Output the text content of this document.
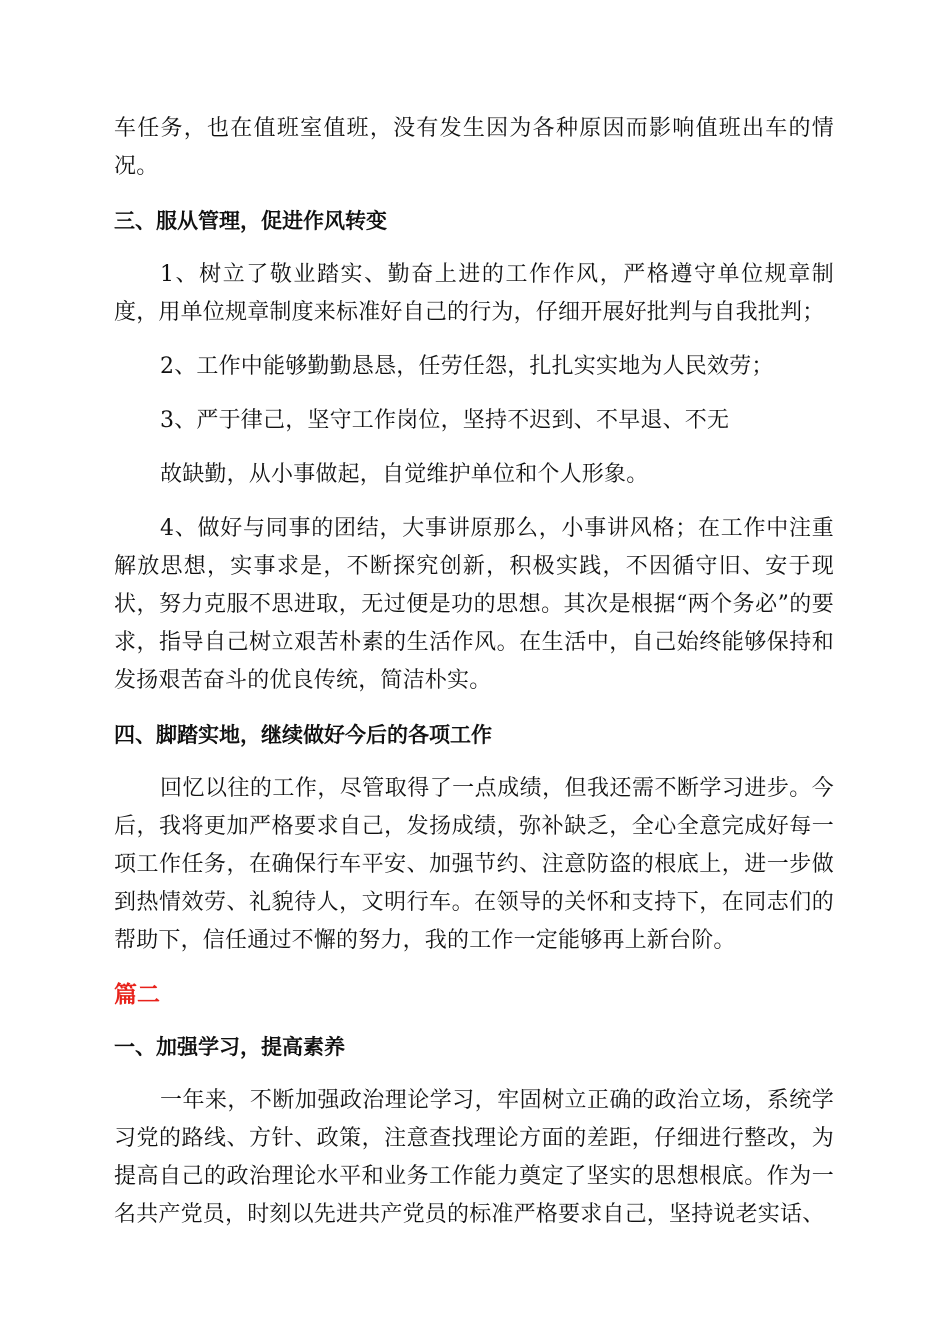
车任务，也在值班室值班，没有发生因为各种原因而影响值班出车的情况。

三、服从管理，促进作风转变

1、树立了敬业踏实、勤奋上进的工作作风，严格遵守单位规章制度，用单位规章制度来标准好自己的行为，仔细开展好批判与自我批判；

2、工作中能够勤勤恳恳，任劳任怨，扎扎实实地为人民效劳；

3、严于律己，坚守工作岗位，坚持不迟到、不早退、不无

故缺勤，从小事做起，自觉维护单位和个人形象。

4、做好与同事的团结，大事讲原那么，小事讲风格；在工作中注重解放思想，实事求是，不断探究创新，积极实践，不因循守旧、安于现状，努力克服不思进取，无过便是功的思想。其次是根据“两个务必”的要求，指导自己树立艰苦朴素的生活作风。在生活中，自己始终能够保持和发扬艰苦奋斗的优良传统，简洁朴实。

四、脚踏实地，继续做好今后的各项工作

回忆以往的工作，尽管取得了一点成绩，但我还需不断学习进步。今后，我将更加严格要求自己，发扬成绩，弥补缺乏，全心全意完成好每一项工作任务，在确保行车平安、加强节约、注意防盗的根底上，进一步做到热情效劳、礼貌待人，文明行车。在领导的关怀和支持下，在同志们的帮助下，信任通过不懈的努力，我的工作一定能够再上新台阶。

篇二
一、加强学习，提高素养

一年来，不断加强政治理论学习，牢固树立正确的政治立场，系统学习党的路线、方针、政策，注意查找理论方面的差距，仔细进行整改，为提高自己的政治理论水平和业务工作能力奠定了坚实的思想根底。作为一名共产党员，时刻以先进共产党员的标准严格要求自己，坚持说老实话、
